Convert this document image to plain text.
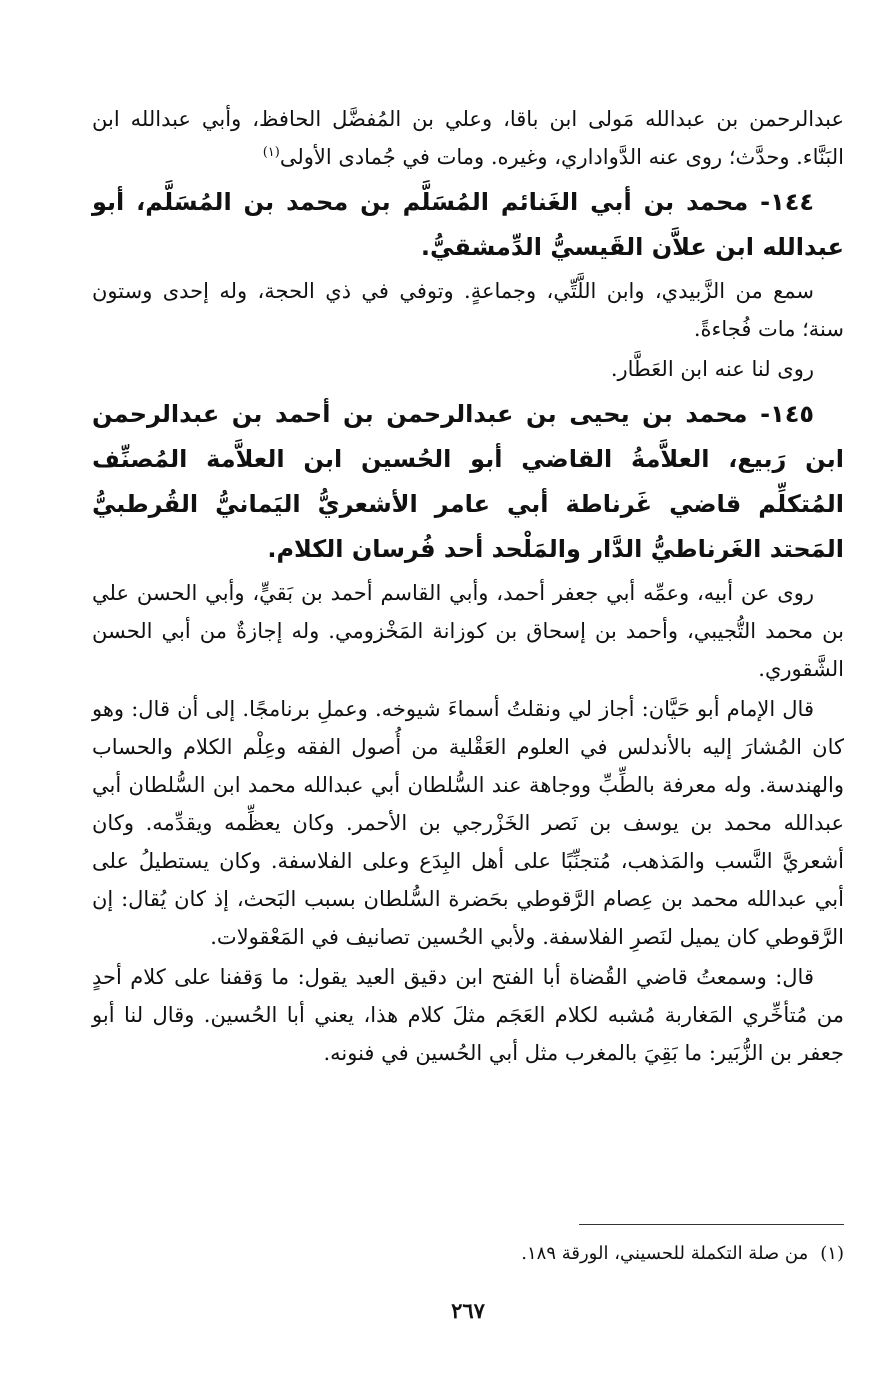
عبدالرحمن بن عبدالله مَولى ابن باقا، وعلي بن المُفضَّل الحافظ، وأبي عبدالله ابن البَنَّاء. وحدَّث؛ روى عنه الدَّواداري، وغيره. ومات في جُمادى الأولى$^{(١)}$

١٤٤- محمد بن أبي الغَنائم المُسَلَّم بن محمد بن المُسَلَّم، أبو عبدالله ابن علاَّن القَيسيُّ الدِّمشقيُّ.

سمع من الزَّبيدي، وابن اللَّتِّي، وجماعةٍ. وتوفي في ذي الحجة، وله إحدى وستون سنة؛ مات فُجاءةً.

روى لنا عنه ابن العَطَّار.

١٤٥- محمد بن يحيى بن عبدالرحمن بن أحمد بن عبدالرحمن ابن رَبيع، العلاَّمةُ القاضي أبو الحُسين ابن العلاَّمة المُصنِّف المُتكلِّم قاضي غَرناطة أبي عامر الأشعريُّ اليَمانيُّ القُرطبيُّ المَحتد الغَرناطيُّ الدَّار والمَلْحد أحد فُرسان الكلام.

روى عن أبيه، وعمِّه أبي جعفر أحمد، وأبي القاسم أحمد بن بَقيٍّ، وأبي الحسن علي بن محمد التُّجيبي، وأحمد بن إسحاق بن كوزانة المَخْزومي. وله إجازةٌ من أبي الحسن الشَّقوري.

قال الإمام أبو حَيَّان: أجاز لي ونقلتُ أسماءَ شيوخه. وعملِ برنامجًا. إلى أن قال: وهو كان المُشارَ إليه بالأندلس في العلوم العَقْلية من أُصول الفقه وعِلْم الكلام والحساب والهندسة. وله معرفة بالطِّبِّ ووجاهة عند السُّلطان أبي عبدالله محمد ابن السُّلطان أبي عبدالله محمد بن يوسف بن نَصر الخَزْرجي بن الأحمر. وكان يعظِّمه ويقدِّمه. وكان أشعريَّ النَّسب والمَذهب، مُتجنِّبًا على أهل البِدَع وعلى الفلاسفة. وكان يستطيلُ على أبي عبدالله محمد بن عِصام الرَّقوطي بحَضرة السُّلطان بسبب البَحث، إذ كان يُقال: إن الرَّقوطي كان يميل لنَصرِ الفلاسفة. ولأبي الحُسين تصانيف في المَعْقولات.

قال: وسمعتُ قاضي القُضاة أبا الفتح ابن دقيق العيد يقول: ما وَقفنا على كلام أحدٍ من مُتأخِّري المَغاربة مُشبه لكلام العَجَم مثلَ كلام هذا، يعني أبا الحُسين. وقال لنا أبو جعفر بن الزُّبَير: ما بَقِيَ بالمغرب مثل أبي الحُسين في فنونه.

(١)من صلة التكملة للحسيني، الورقة ١٨٩.
٢٦٧
